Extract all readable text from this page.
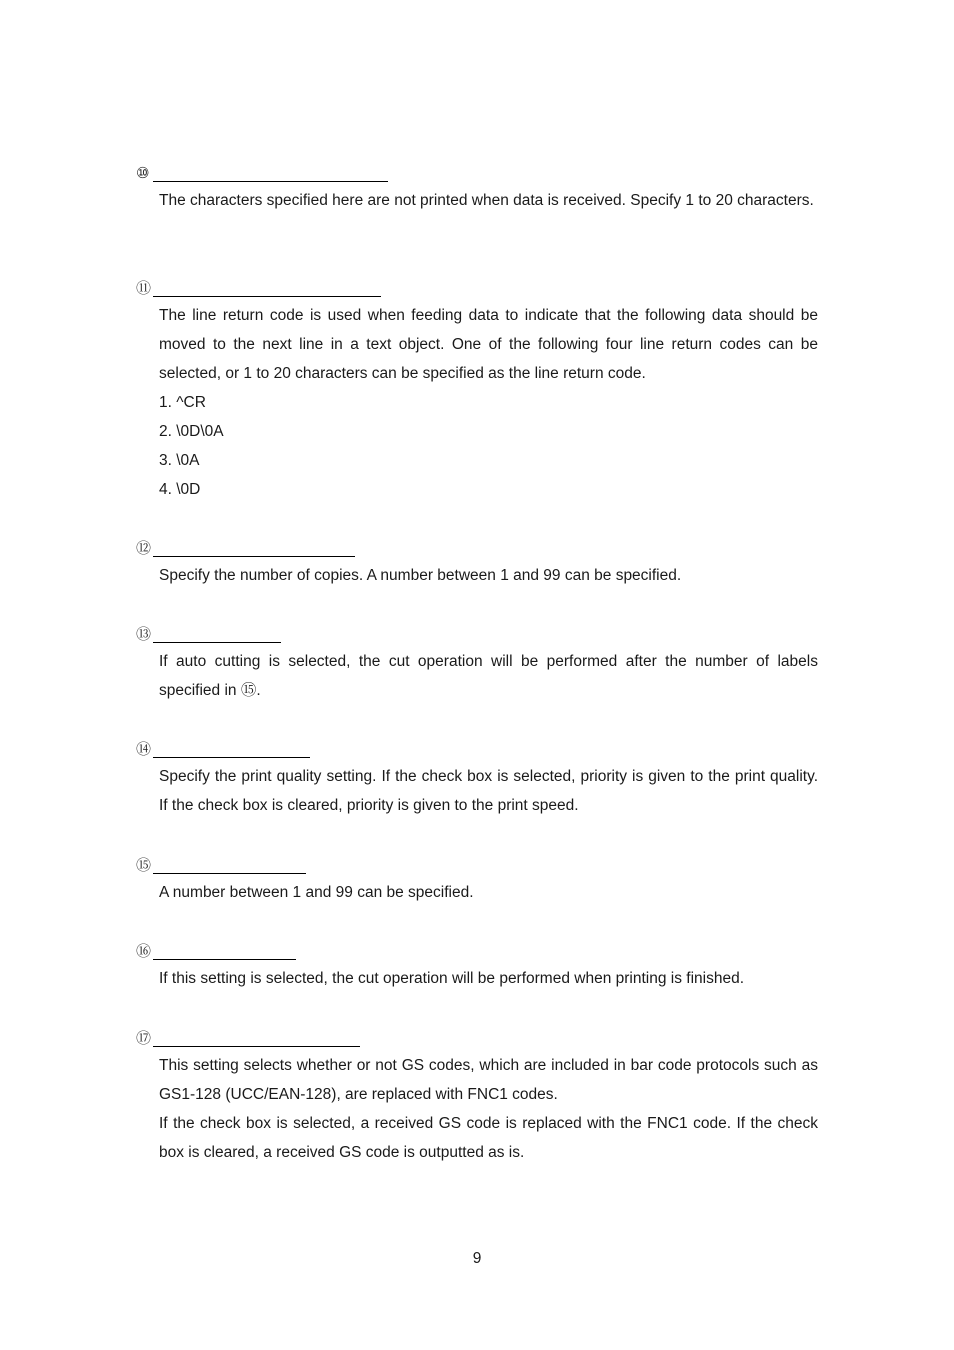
⑩

The characters specified here are not printed when data is received. Specify 1 to 20 characters.

⑪

The line return code is used when feeding data to indicate that the following data should be moved to the next line in a text object. One of the following four line return codes can be selected, or 1 to 20 characters can be specified as the line return code.

1. ^CR
2. \0D\0A
3. \0A
4. \0D
⑫

Specify the number of copies. A number between 1 and 99 can be specified.

⑬

If auto cutting is selected, the cut operation will be performed after the number of labels specified in ⑮.

⑭

Specify the print quality setting. If the check box is selected, priority is given to the print quality. If the check box is cleared, priority is given to the print speed.

⑮

A number between 1 and 99 can be specified.

⑯

If this setting is selected, the cut operation will be performed when printing is finished.

⑰

This setting selects whether or not GS codes, which are included in bar code protocols such as GS1-128 (UCC/EAN-128), are replaced with FNC1 codes.

If the check box is selected, a received GS code is replaced with the FNC1 code. If the check box is cleared, a received GS code is outputted as is.

9
